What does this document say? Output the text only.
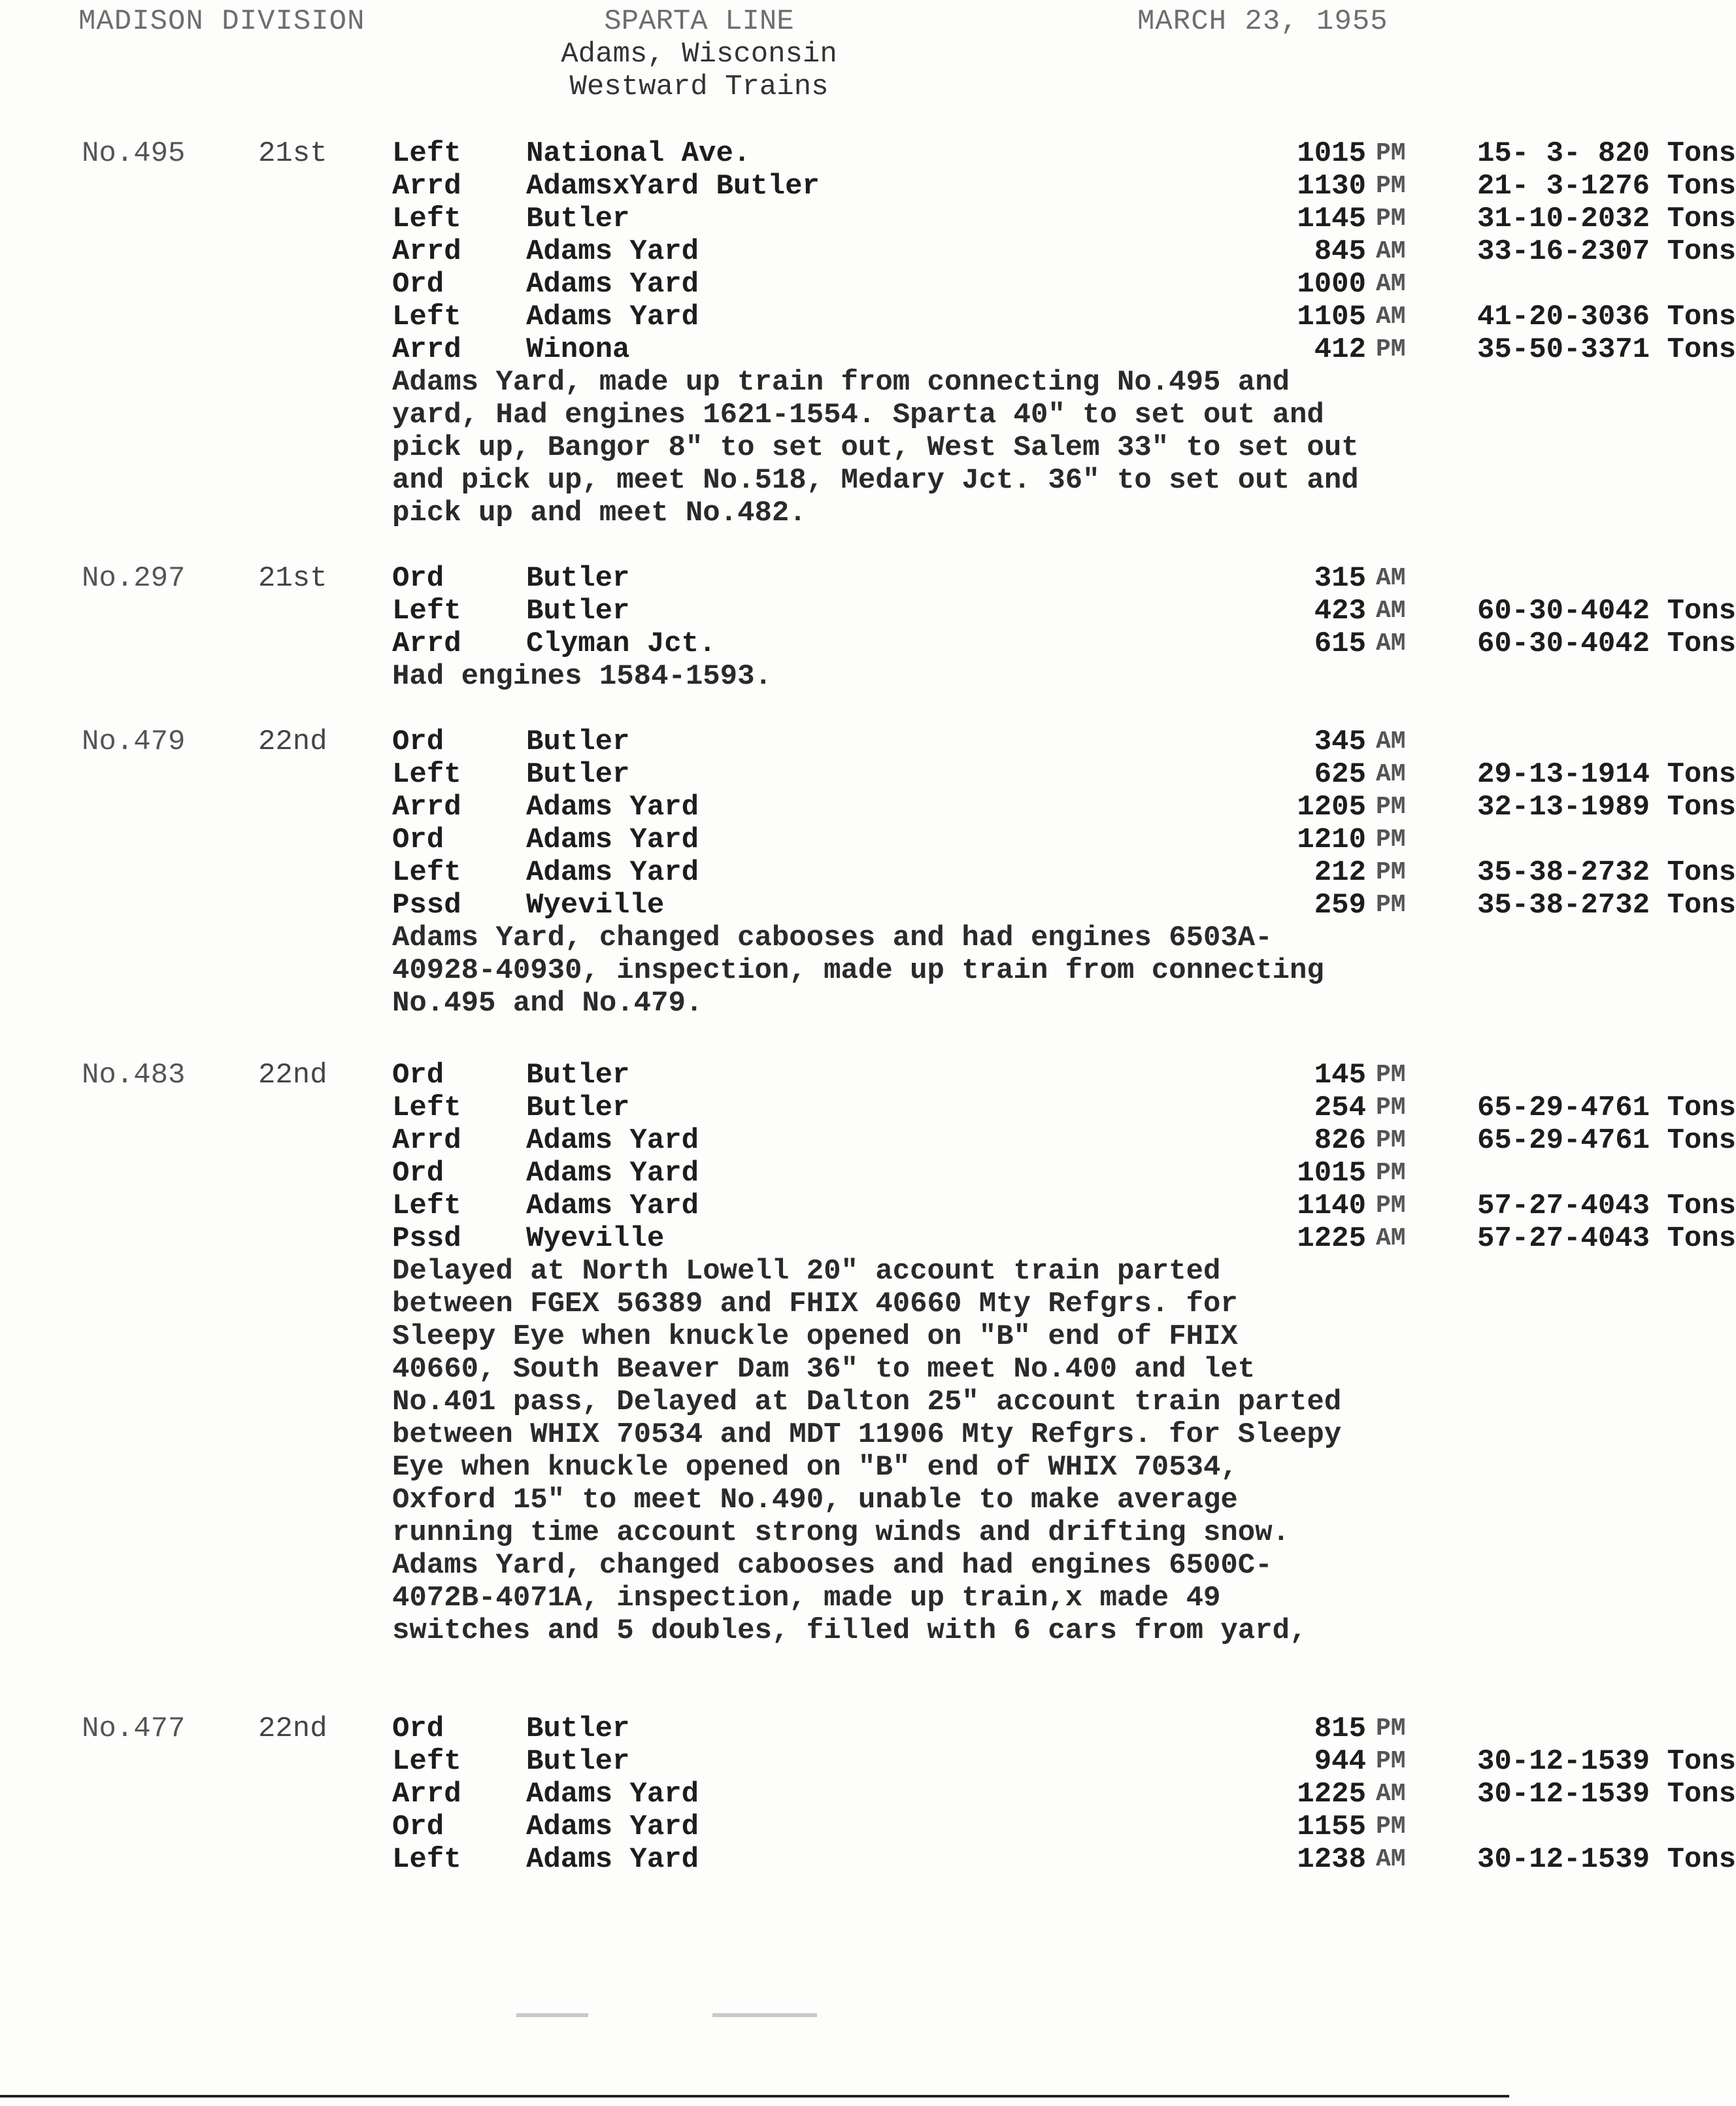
MADISON DIVISION	MARCH 23, 1955
SPARTA LINE
Adams, Wisconsin
Westward Trains
No.495	21st Left National Ave.	1015 PM 15- 3- 820 Tons
Arrd AdamsxYard Butler	1130 PM 21- 3-1276 Tons
Left Butler	1145 PM 31-10-2032 Tons
Arrd Adams Yard	845 AM 33-16-2307 Tons
Ord	Adams Yard	1000 AM
Left Adams Yard	1105 AM 41-20-3036 Tons
Arrd Winona	412 PM 35-50-3371 Tons
Adams Yard, made up train from connecting No.495 and
yard, Had engines 1621-1554. Sparta 40" to set out and
pick up, Bangor 8" to set out, West Salem 33" to set out
and pick up, meet No.518, Medary Jct. 36" to set out and
pick up and meet No.482.
No.297	21st Ord	Butler	315 AM
Left Butler	423 AM 60-30-4042 Tons
Arrd Clyman Jct.	615 AM 60-30-4042 Tons
Had engines 1584-1593.
No.479	22nd Ord	Butler	345 AM
Left Butler	625 AM 29-13-1914 Tons
Arrd Adams Yard	1205 PM 32-13-1989 Tons
Ord	Adams Yard	1210 PM
Left Adams Yard	212 PM 35-38-2732 Tons
Pssd Wyeville	259 PM 35-38-2732 Tons
Adams Yard, changed cabooses and had engines 6503A-
40928-40930, inspection, made up train from connecting
No.495 and No.479.
No.483	22nd Ord	Butler	145 PM
Left Butler	254 PM 65-29-4761 Tons
Arrd Adams Yard	826 PM 65-29-4761 Tons
Ord	Adams Yard	1015 PM
Left Adams Yard	1140 PM 57-27-4043 Tons
Pssd Wyeville	1225 AM 57-27-4043 Tons
Delayed at North Lowell 20" account train parted
between FGEX 56389 and FHIX 40660 Mty Refgrs. for
Sleepy Eye when knuckle opened on "B" end of FHIX
40660, South Beaver Dam 36" to meet No.400 and let
No.401 pass, Delayed at Dalton 25" account train parted
between WHIX 70534 and MDT 11906 Mty Refgrs. for Sleepy
Eye when knuckle opened on "B" end of WHIX 70534,
Oxford 15" to meet No.490, unable to make average
running time account strong winds and drifting snow.
Adams Yard, changed cabooses and had engines 6500C-
4072B-4071A, inspection, made up train,x made 49
switches and 5 doubles, filled with 6 cars from yard,
No.477	22nd Ord	Butler	815 PM
Left Butler	944 PM 30-12-1539 Tons
Arrd Adams Yard	1225 AM 30-12-1539 Tons
Ord	Adams Yard	1155 PM
Left Adams Yard	1238 AM 30-12-1539 Tons
